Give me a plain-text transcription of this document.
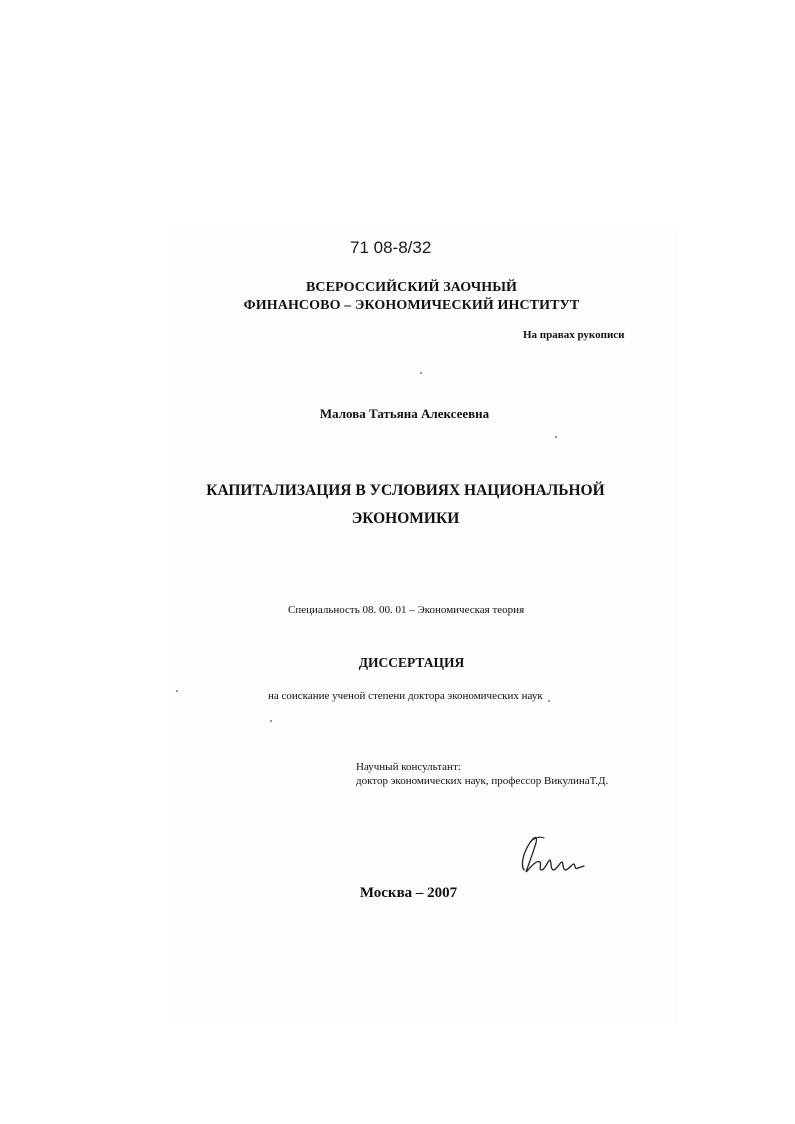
71 08-8/32
ВСЕРОССИЙСКИЙ ЗАОЧНЫЙ
ФИНАНСОВО – ЭКОНОМИЧЕСКИЙ ИНСТИТУТ
На правах рукописи
Малова Татьяна Алексеевна
КАПИТАЛИЗАЦИЯ В УСЛОВИЯХ НАЦИОНАЛЬНОЙ
ЭКОНОМИКИ
Специальность 08. 00. 01 – Экономическая теория
ДИССЕРТАЦИЯ
на соискание ученой степени доктора экономических наук
Научный консультант:
доктор экономических наук, профессор ВикулинаТ.Д.
Москва – 2007
